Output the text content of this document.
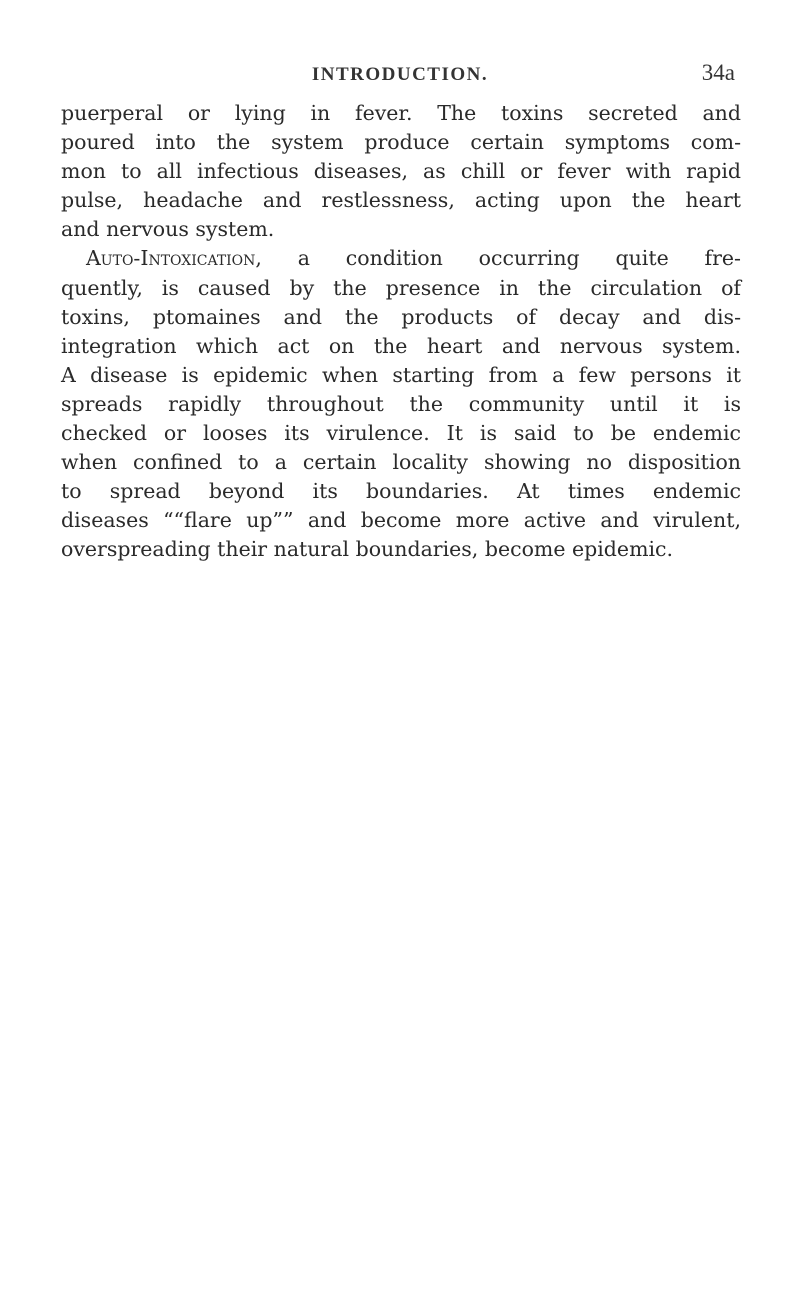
INTRODUCTION.	34a
puerperal or lying in fever. The toxins secreted and
poured into the system produce certain symptoms com-
mon to all infectious diseases, as chill or fever with rapid
pulse, headache and restlessness, acting upon the heart
and nervous system.
Auto-Intoxication, a condition occurring quite fre-
quently, is caused by the presence in the circulation of
toxins, ptomaines and the products of decay and dis-
integration which act on the heart and nervous system.
A disease is epidemic when starting from a few persons it
spreads rapidly throughout the community until it is
checked or looses its virulence. It is said to be endemic
when confined to a certain locality showing no disposition
to spread beyond its boundaries. At times endemic
diseases ““flare up”” and become more active and virulent,
overspreading their natural boundaries, become epidemic.
